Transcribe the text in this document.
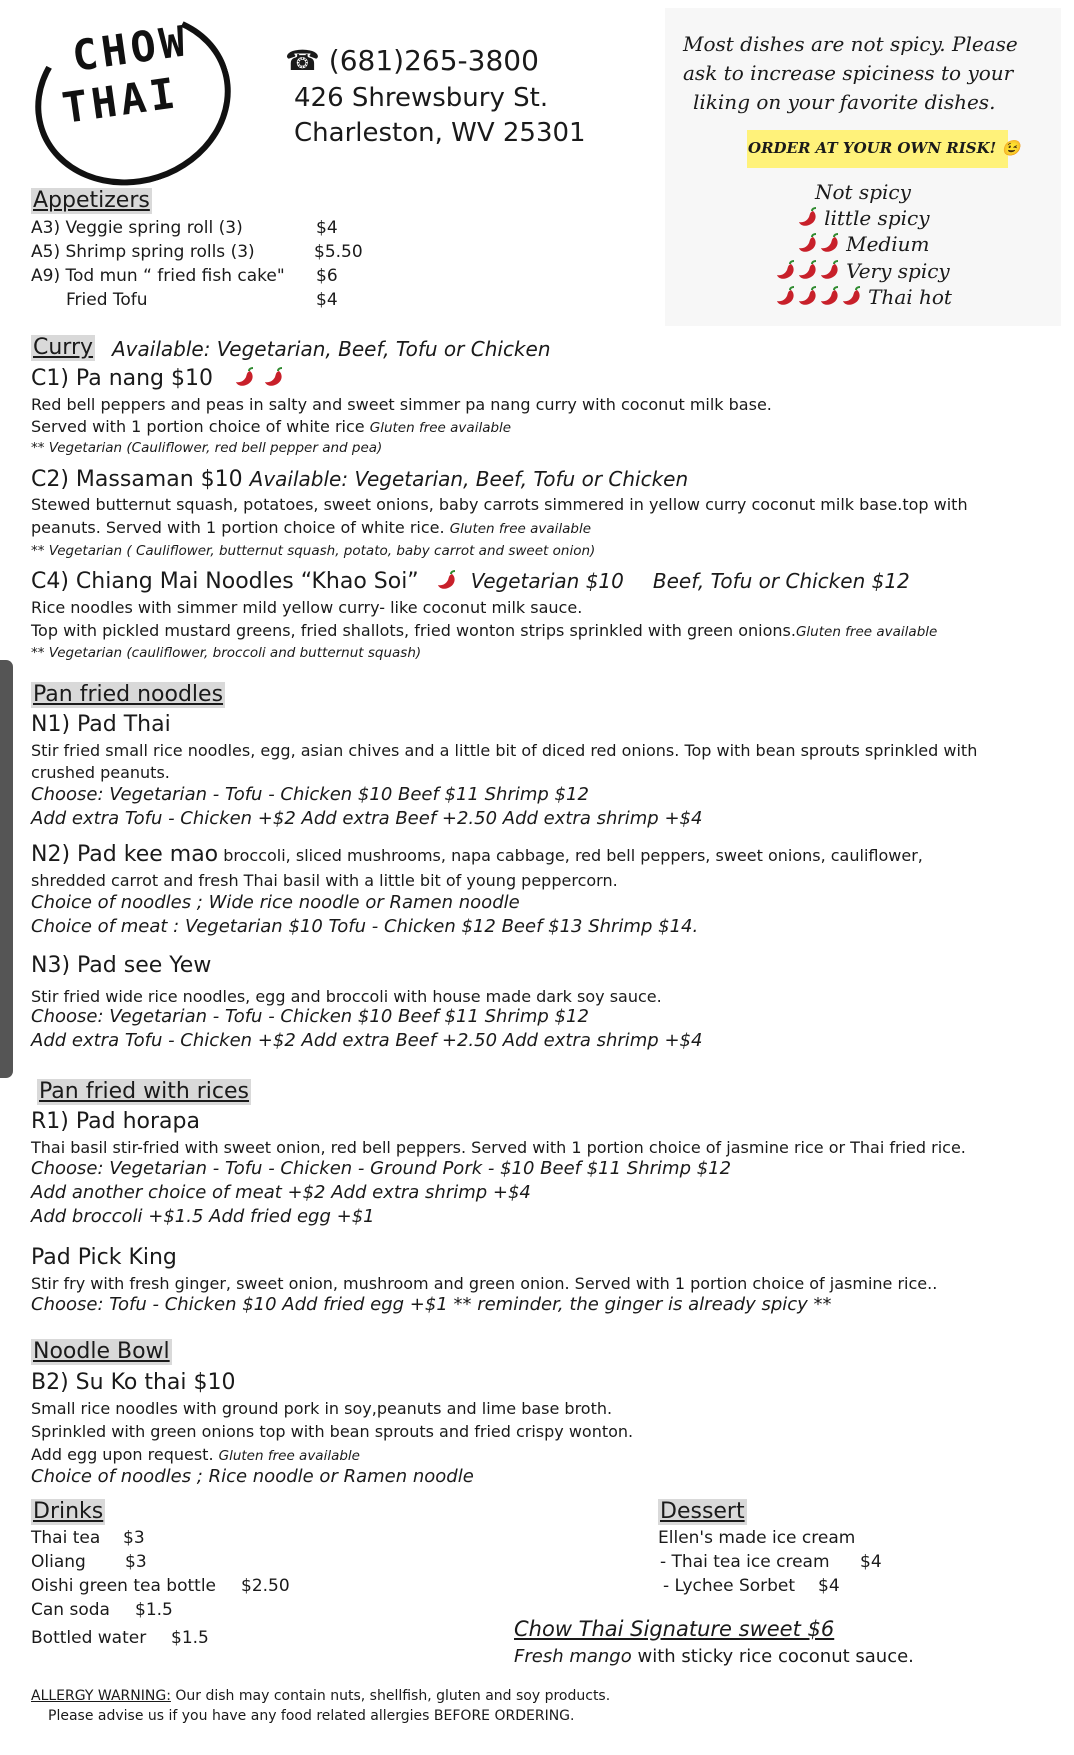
CHOW
THAI
☎ (681)265-3800
426 Shrewsbury St.
Charleston, WV 25301
Most dishes are not spicy. Please
ask to increase spiciness to your
liking on your favorite dishes.
ORDER AT YOUR OWN RISK! 😉
Not spicy
little spicy
Medium
Very spicy
Thai hot
Appetizers
A3) Veggie spring roll (3)	$4
A5) Shrimp spring rolls (3)	$5.50
A9) Tod mun “ fried fish cake" $6
Fried Tofu	$4
Curry Available: Vegetarian, Beef, Tofu or Chicken
C1) Pa nang $10
Red bell peppers and peas in salty and sweet simmer pa nang curry with coconut milk base.
Served with 1 portion choice of white rice Gluten free available
** Vegetarian (Cauliflower, red bell pepper and pea)
C2) Massaman $10 Available: Vegetarian, Beef, Tofu or Chicken
Stewed butternut squash, potatoes, sweet onions, baby carrots simmered in yellow curry coconut milk base.top with
peanuts. Served with 1 portion choice of white rice. Gluten free available
** Vegetarian ( Cauliflower, butternut squash, potato, baby carrot and sweet onion)
C4) Chiang Mai Noodles “Khao Soi”	Vegetarian $10 Beef, Tofu or Chicken $12
Rice noodles with simmer mild yellow curry- like coconut milk sauce.
Top with pickled mustard greens, fried shallots, fried wonton strips sprinkled with green onions.Gluten free available
** Vegetarian (cauliflower, broccoli and butternut squash)
Pan fried noodles
N1) Pad Thai
Stir fried small rice noodles, egg, asian chives and a little bit of diced red onions. Top with bean sprouts sprinkled with
crushed peanuts.
Choose: Vegetarian - Tofu - Chicken $10 Beef $11 Shrimp $12
Add extra Tofu - Chicken +$2 Add extra Beef +2.50 Add extra shrimp +$4
N2) Pad kee mao broccoli, sliced mushrooms, napa cabbage, red bell peppers, sweet onions, cauliflower,
shredded carrot and fresh Thai basil with a little bit of young peppercorn.
Choice of noodles ; Wide rice noodle or Ramen noodle
Choice of meat : Vegetarian $10 Tofu - Chicken $12 Beef $13 Shrimp $14.
N3) Pad see Yew
Stir fried wide rice noodles, egg and broccoli with house made dark soy sauce.
Choose: Vegetarian - Tofu - Chicken $10 Beef $11 Shrimp $12
Add extra Tofu - Chicken +$2 Add extra Beef +2.50 Add extra shrimp +$4
Pan fried with rices
R1) Pad horapa
Thai basil stir-fried with sweet onion, red bell peppers. Served with 1 portion choice of jasmine rice or Thai fried rice.
Choose: Vegetarian - Tofu - Chicken - Ground Pork - $10 Beef $11 Shrimp $12
Add another choice of meat +$2 Add extra shrimp +$4
Add broccoli +$1.5 Add fried egg +$1
Pad Pick King
Stir fry with fresh ginger, sweet onion, mushroom and green onion. Served with 1 portion choice of jasmine rice..
Choose: Tofu - Chicken $10 Add fried egg +$1 ** reminder, the ginger is already spicy **
Noodle Bowl
B2) Su Ko thai $10
Small rice noodles with ground pork in soy,peanuts and lime base broth.
Sprinkled with green onions top with bean sprouts and fried crispy wonton.
Add egg upon request. Gluten free available
Choice of noodles ; Rice noodle or Ramen noodle
Drinks
Thai tea $3
Oliang $3
Oishi green tea bottle $2.50
Can soda $1.5
Bottled water $1.5
Dessert
Ellen's made ice cream
- Thai tea ice cream $4
- Lychee Sorbet $4
Chow Thai Signature sweet $6
Fresh mango with sticky rice coconut sauce.
ALLERGY WARNING: Our dish may contain nuts, shellfish, gluten and soy products.
Please advise us if you have any food related allergies BEFORE ORDERING.
